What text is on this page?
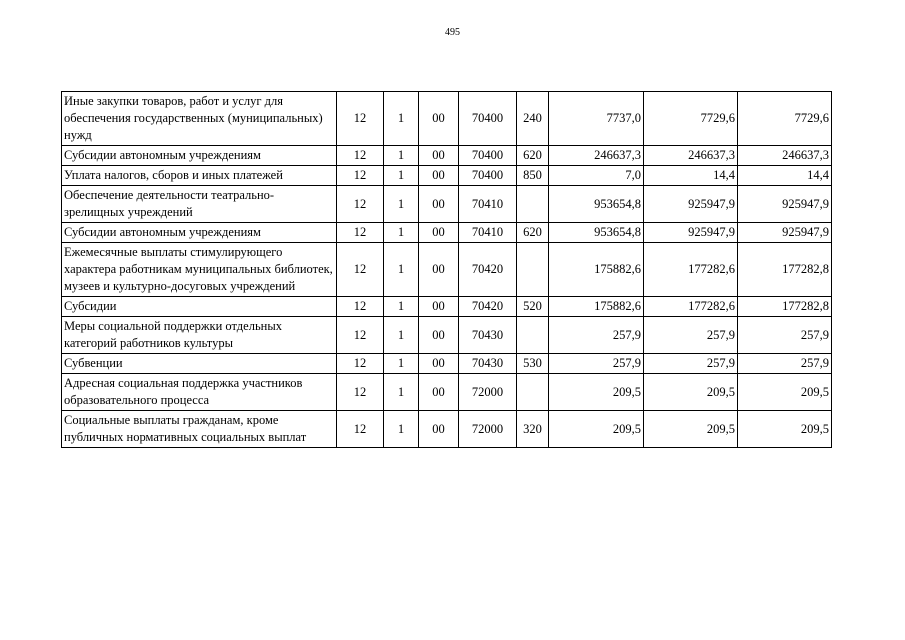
495
Иные закупки товаров, работ и услуг для обеспечения государственных (муниципальных) нужд	12	1	00	70400	240	7737,0	7729,6	7729,6
Субсидии автономным учреждениям	12	1	00	70400	620	246637,3	246637,3	246637,3
Уплата налогов, сборов и иных платежей	12	1	00	70400	850	7,0	14,4	14,4
Обеспечение деятельности театрально-зрелищных учреждений	12	1	00	70410		953654,8	925947,9	925947,9
Субсидии автономным учреждениям	12	1	00	70410	620	953654,8	925947,9	925947,9
Ежемесячные выплаты стимулирующего характера работникам муниципальных библиотек, музеев и культурно-досуговых учреждений	12	1	00	70420		175882,6	177282,6	177282,8
Субсидии	12	1	00	70420	520	175882,6	177282,6	177282,8
Меры социальной поддержки отдельных категорий работников культуры	12	1	00	70430		257,9	257,9	257,9
Субвенции	12	1	00	70430	530	257,9	257,9	257,9
Адресная социальная поддержка участников образовательного процесса	12	1	00	72000		209,5	209,5	209,5
Социальные выплаты гражданам, кроме публичных нормативных социальных выплат	12	1	00	72000	320	209,5	209,5	209,5
